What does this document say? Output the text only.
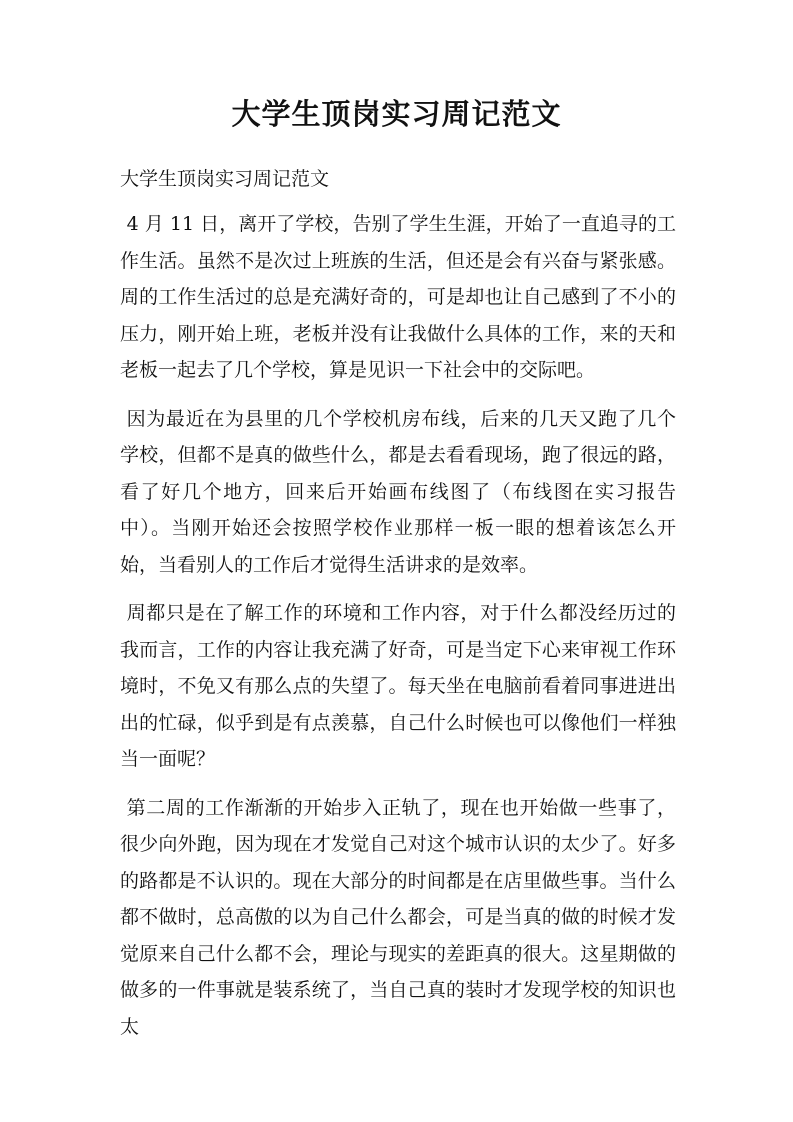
大学生顶岗实习周记范文

大学生顶岗实习周记范文

4 月 11 日，离开了学校，告别了学生生涯，开始了一直追寻的工作生活。虽然不是次过上班族的生活，但还是会有兴奋与紧张感。周的工作生活过的总是充满好奇的，可是却也让自己感到了不小的压力，刚开始上班，老板并没有让我做什么具体的工作，来的天和老板一起去了几个学校，算是见识一下社会中的交际吧。

因为最近在为县里的几个学校机房布线，后来的几天又跑了几个学校，但都不是真的做些什么，都是去看看现场，跑了很远的路，看了好几个地方，回来后开始画布线图了（布线图在实习报告中）。当刚开始还会按照学校作业那样一板一眼的想着该怎么开始，当看别人的工作后才觉得生活讲求的是效率。

周都只是在了解工作的环境和工作内容，对于什么都没经历过的我而言，工作的内容让我充满了好奇，可是当定下心来审视工作环境时，不免又有那么点的失望了。每天坐在电脑前看着同事进进出出的忙碌，似乎到是有点羡慕，自己什么时候也可以像他们一样独当一面呢？

第二周的工作渐渐的开始步入正轨了，现在也开始做一些事了，很少向外跑，因为现在才发觉自己对这个城市认识的太少了。好多的路都是不认识的。现在大部分的时间都是在店里做些事。当什么都不做时，总高傲的以为自己什么都会，可是当真的做的时候才发觉原来自己什么都不会，理论与现实的差距真的很大。这星期做的做多的一件事就是装系统了，当自己真的装时才发现学校的知识也太
